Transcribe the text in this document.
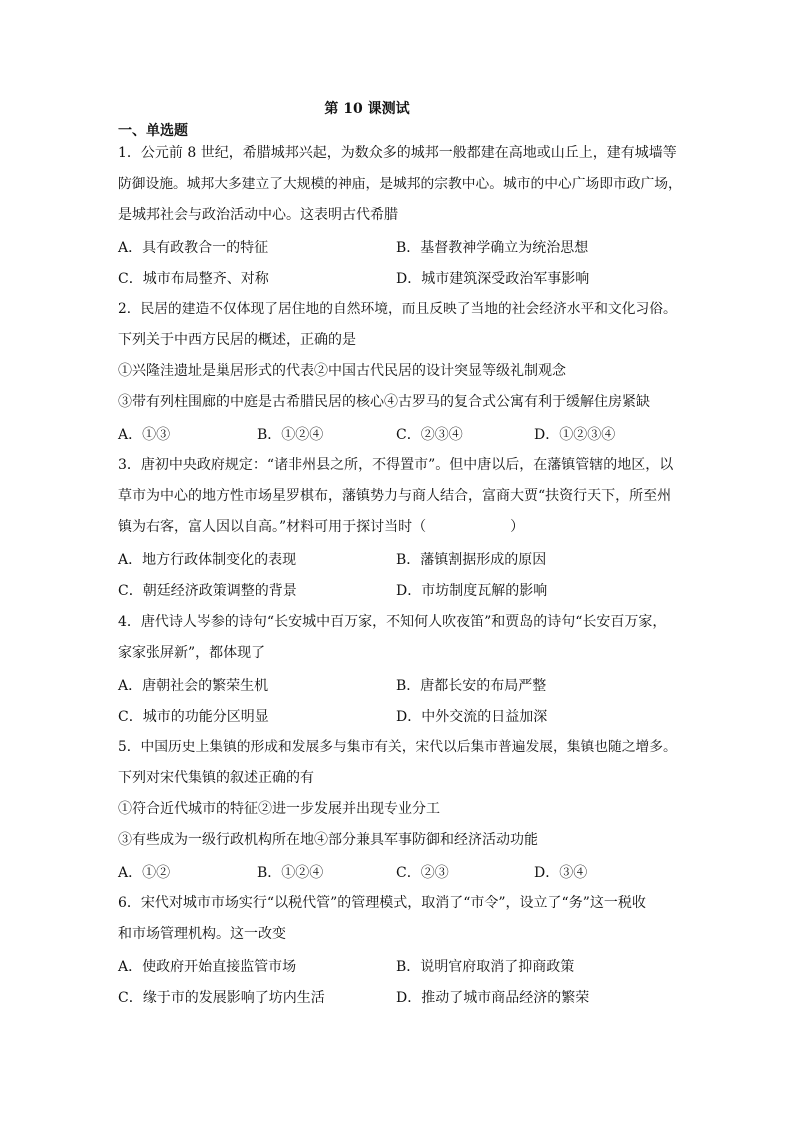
第 10 课测试
一、单选题
1．公元前 8 世纪，希腊城邦兴起，为数众多的城邦一般都建在高地或山丘上，建有城墙等
防御设施。城邦大多建立了大规模的神庙，是城邦的宗教中心。城市的中心广场即市政广场，
是城邦社会与政治活动中心。这表明古代希腊
A．具有政教合一的特征	B．基督教神学确立为统治思想
C．城市布局整齐、对称	D．城市建筑深受政治军事影响
2．民居的建造不仅体现了居住地的自然环境，而且反映了当地的社会经济水平和文化习俗。
下列关于中西方民居的概述，正确的是
①兴隆洼遗址是巢居形式的代表②中国古代民居的设计突显等级礼制观念
③带有列柱围廊的中庭是古希腊民居的核心④古罗马的复合式公寓有利于缓解住房紧缺
A．①③	B．①②④	C．②③④	D．①②③④
3．唐初中央政府规定：“诸非州县之所，不得置市”。但中唐以后，在藩镇管辖的地区，以
草市为中心的地方性市场星罗棋布，藩镇势力与商人结合，富商大贾“扶资行天下，所至州
镇为右客，富人因以自高。”材料可用于探讨当时（　　　　　　）
A．地方行政体制变化的表现	B．藩镇割据形成的原因
C．朝廷经济政策调整的背景	D．市坊制度瓦解的影响
4．唐代诗人岑参的诗句“长安城中百万家，不知何人吹夜笛”和贾岛的诗句“长安百万家，
家家张屏新”，都体现了
A．唐朝社会的繁荣生机	B．唐都长安的布局严整
C．城市的功能分区明显	D．中外交流的日益加深
5．中国历史上集镇的形成和发展多与集市有关，宋代以后集市普遍发展，集镇也随之增多。
下列对宋代集镇的叙述正确的有
①符合近代城市的特征②进一步发展并出现专业分工
③有些成为一级行政机构所在地④部分兼具军事防御和经济活动功能
A．①②	B．①②④	C．②③	D．③④
6．宋代对城市市场实行“以税代管”的管理模式，取消了“市令”，设立了“务”这一税收
和市场管理机构。这一改变
A．使政府开始直接监管市场	B．说明官府取消了抑商政策
C．缘于市的发展影响了坊内生活	D．推动了城市商品经济的繁荣
